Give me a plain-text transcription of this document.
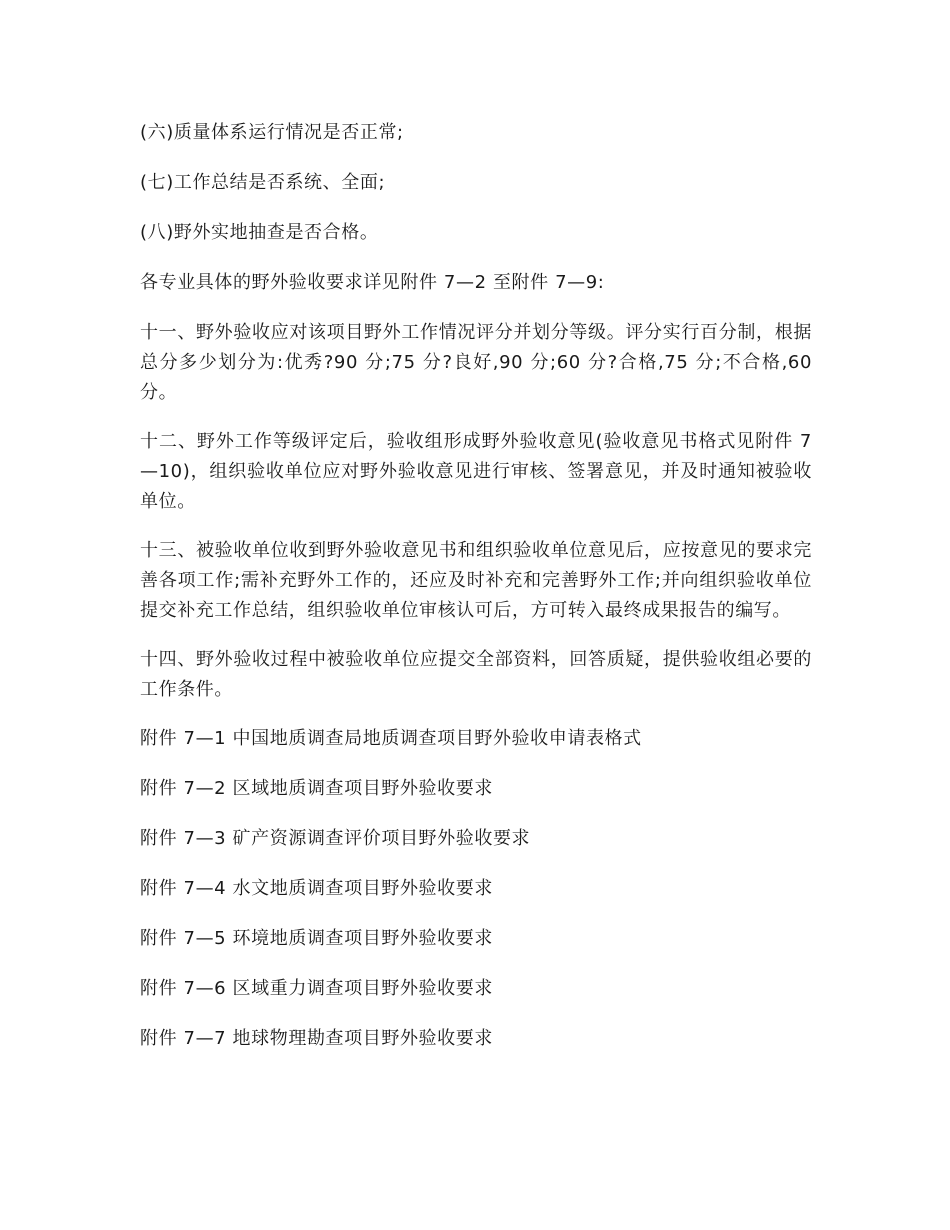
(六)质量体系运行情况是否正常;

(七)工作总结是否系统、全面;

(八)野外实地抽查是否合格。

各专业具体的野外验收要求详见附件 7—2 至附件 7—9:

十一、野外验收应对该项目野外工作情况评分并划分等级。评分实行百分制，根据总分多少划分为:优秀?90 分;75 分?良好,90 分;60 分?合格,75 分;不合格,60 分。

十二、野外工作等级评定后，验收组形成野外验收意见(验收意见书格式见附件 7—10)，组织验收单位应对野外验收意见进行审核、签署意见，并及时通知被验收单位。

十三、被验收单位收到野外验收意见书和组织验收单位意见后，应按意见的要求完善各项工作;需补充野外工作的，还应及时补充和完善野外工作;并向组织验收单位提交补充工作总结，组织验收单位审核认可后，方可转入最终成果报告的编写。

十四、野外验收过程中被验收单位应提交全部资料，回答质疑，提供验收组必要的工作条件。

附件 7—1 中国地质调查局地质调查项目野外验收申请表格式

附件 7—2 区域地质调查项目野外验收要求

附件 7—3 矿产资源调查评价项目野外验收要求

附件 7—4 水文地质调查项目野外验收要求

附件 7—5 环境地质调查项目野外验收要求

附件 7—6 区域重力调查项目野外验收要求

附件 7—7 地球物理勘查项目野外验收要求
